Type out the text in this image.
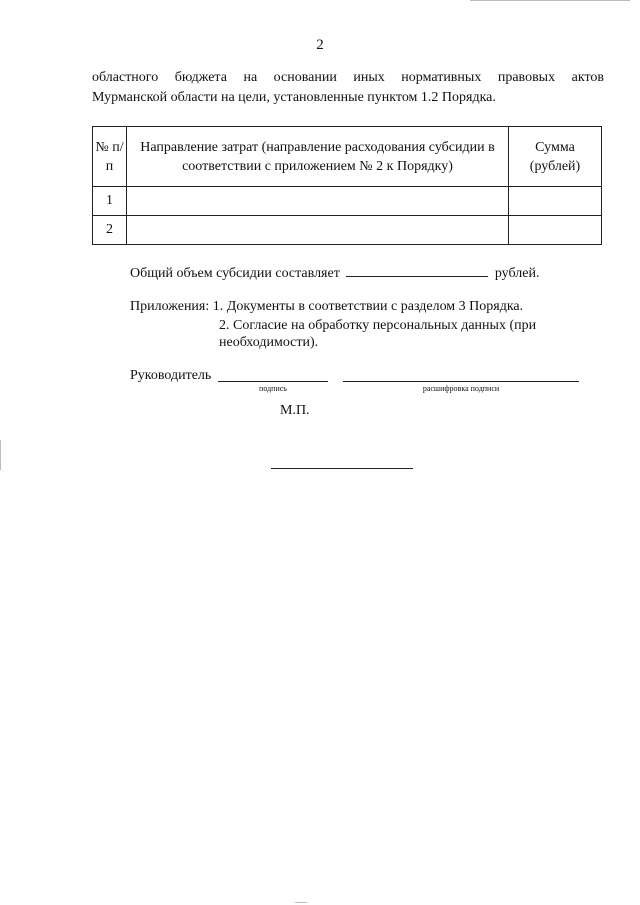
2
областного бюджета на основании иных нормативных правовых актов
Мурманской области на цели, установленные пунктом 1.2 Порядка.
№ п/п	Направление затрат (направление расходования субсидии в соответствии с приложением № 2 к Порядку)	Сумма (рублей)
1		
2		
Общий объем субсидии составляет	рублей.
Приложения: 1. Документы в соответствии с разделом 3 Порядка.
2. Согласие на обработку персональных данных (при
необходимости).
Руководитель
подпись	расшифровка подписи
М.П.
